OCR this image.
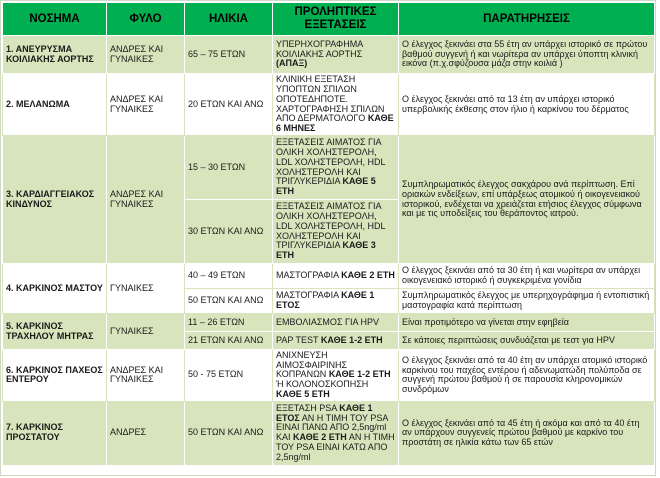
ΝΟΣΗΜΑ	ΦΥΛΟ	ΗΛΙΚΙΑ	ΠΡΟΛΗΠΤΙΚΕΣ ΕΞΕΤΑΣΕΙΣ	ΠΑΡΑΤΗΡΗΣΕΙΣ
1. ΑΝΕΥΡΥΣΜΑ ΚΟΙΛΙΑΚΗΣ ΑΟΡΤΗΣ	ΑΝΔΡΕΣ ΚΑΙ ΓΥΝΑΙΚΕΣ	65 – 75 ΕΤΩΝ	ΥΠΕΡΗΧΟΓΡΑΦΗΜΑ ΚΟΙΛΙΑΚΗΣ ΑΟΡΤΗΣ (ΑΠΑΞ)	Ο έλεγχος ξεκινάει στα 55 έτη αν υπάρχει ιστορικό σε πρώτου βαθμού συγγενή ή και νωρίτερα αν υπάρχει ύποπτη κλινική εικόνα (π.χ.σφύζουσα μάζα στην κοιλιά )
2. ΜΕΛΑΝΩΜΑ	ΑΝΔΡΕΣ ΚΑΙ ΓΥΝΑΙΚΕΣ	20 ΕΤΩΝ ΚΑΙ ΑΝΩ	ΚΛΙΝΙΚΗ ΕΞΕΤΑΣΗ ΥΠΟΠΤΩΝ ΣΠΙΛΩΝ ΟΠΟΤΕΔΗΠΟΤΕ. ΧΑΡΤΟΓΡΑΦΗΣΗ ΣΠΙΛΩΝ ΑΠΟ ΔΕΡΜΑΤΟΛΟΓΟ ΚΑΘΕ 6 ΜΗΝΕΣ	Ο έλεγχος ξεκινάει από τα 13 έτη αν υπάρχει ιστορικό υπερβολικής έκθεσης στον ήλιο ή καρκίνου του δέρματος
3. ΚΑΡΔΙΑΓΓΕΙΑΚΟΣ ΚΙΝΔΥΝΟΣ	ΑΝΔΡΕΣ ΚΑΙ ΓΥΝΑΙΚΕΣ	15 – 30 ΕΤΩΝ	ΕΞΕΤΑΣΕΙΣ ΑΙΜΑΤΟΣ ΓΙΑ ΟΛΙΚΗ ΧΟΛΗΣΤΕΡΟΛΗ, LDL ΧΟΛΗΣΤΕΡΟΛΗ, HDL ΧΟΛΗΣΤΕΡΟΛΗ ΚΑΙ ΤΡΙΓΛΥΚΕΡΙΔΙΑ ΚΑΘΕ 5 ΕΤΗ	Συμπληρωματικός έλεγχος σακχάρου ανά περίπτωση. Επί οριακών ενδείξεων, επί υπάρξεως ατομικού ή οικογενειακού ιστορικού, ενδέχεται να χρειάζεται ετήσιος έλεγχος σύμφωνα και με τις υποδείξεις του θεράποντος ιατρού.
		30 ΕΤΩΝ ΚΑΙ ΑΝΩ	ΕΞΕΤΑΣΕΙΣ ΑΙΜΑΤΟΣ ΓΙΑ ΟΛΙΚΗ ΧΟΛΗΣΤΕΡΟΛΗ, LDL ΧΟΛΗΣΤΕΡΟΛΗ, HDL ΧΟΛΗΣΤΕΡΟΛΗ ΚΑΙ ΤΡΙΓΛΥΚΕΡΙΔΙΑ ΚΑΘΕ 3 ΕΤΗ	
4. ΚΑΡΚΙΝΟΣ ΜΑΣΤΟΥ	ΓΥΝΑΙΚΕΣ	40 – 49 ΕΤΩΝ	ΜΑΣΤΟΓΡΑΦΙΑ ΚΑΘΕ 2 ΕΤΗ	Ο έλεγχος ξεκινάει από τα 30 έτη ή και νωρίτερα αν υπάρχει οικογενειακό ιστορικό ή συγκεκριμένα γονίδια
		50 ΕΤΩΝ ΚΑΙ ΑΝΩ	ΜΑΣΤΟΓΡΑΦΙΑ ΚΑΘΕ 1 ΕΤΟΣ	Συμπληρωματικός έλεγχος με υπερηχογράφημα ή εντοπιστική μαστογραφία κατά περίπτωση
5. ΚΑΡΚΙΝΟΣ ΤΡΑΧΗΛΟΥ ΜΗΤΡΑΣ	ΓΥΝΑΙΚΕΣ	11 – 26 ΕΤΩΝ	ΕΜΒΟΛΙΑΣΜΟΣ ΓΙΑ HPV	Είναι προτιμότερο να γίνεται στην εφηβεία
		21 ΕΤΩΝ ΚΑΙ ΑΝΩ	PAP TEST ΚΑΘΕ 1-2 ΕΤΗ	Σε κάποιες περιπτώσεις συνδυάζεται με τεστ για HPV
6. ΚΑΡΚΙΝΟΣ ΠΑΧΕΟΣ ΕΝΤΕΡΟΥ	ΑΝΔΡΕΣ ΚΑΙ ΓΥΝΑΙΚΕΣ	50 - 75 ΕΤΩΝ	ΑΝΙΧΝΕΥΣΗ ΑΙΜΟΣΦΑΙΡΙΝΗΣ ΚΟΠΡΑΝΩΝ ΚΑΘΕ 1-2 ΕΤΗ Ή ΚΟΛΟΝΟΣΚΟΠΗΣΗ ΚΑΘΕ 5 ΕΤΗ	Ο έλεγχος ξεκινάει από τα 40 έτη αν υπάρχει ατομικό ιστορικό καρκίνου του παχέος εντέρου ή αδενωματώδη πολύποδα σε συγγενή πρώτου βαθμού ή σε παρουσία κληρονομικών συνδρόμων
7. ΚΑΡΚΙΝΟΣ ΠΡΟΣΤΑΤΟΥ	ΑΝΔΡΕΣ	50 ΕΤΩΝ ΚΑΙ ΑΝΩ	ΕΞΕΤΑΣΗ PSA ΚΑΘΕ 1 ΕΤΟΣ ΑΝ Η ΤΙΜΗ ΤΟΥ PSA ΕΙΝΑΙ ΠΑΝΩ ΑΠΟ 2,5ng/ml ΚΑΙ ΚΑΘΕ 2 ΕΤΗ ΑΝ Η ΤΙΜΗ ΤΟΥ PSA ΕΙΝΑΙ ΚΑΤΩ ΑΠΟ 2,5ng/ml	Ο έλεγχος ξεκινάει από τα 45 έτη ή ακόμα και από τα 40 έτη αν υπάρχουν συγγενείς πρώτου βαθμού με καρκίνο του προστάτη σε ηλικία κάτω των 65 ετών
